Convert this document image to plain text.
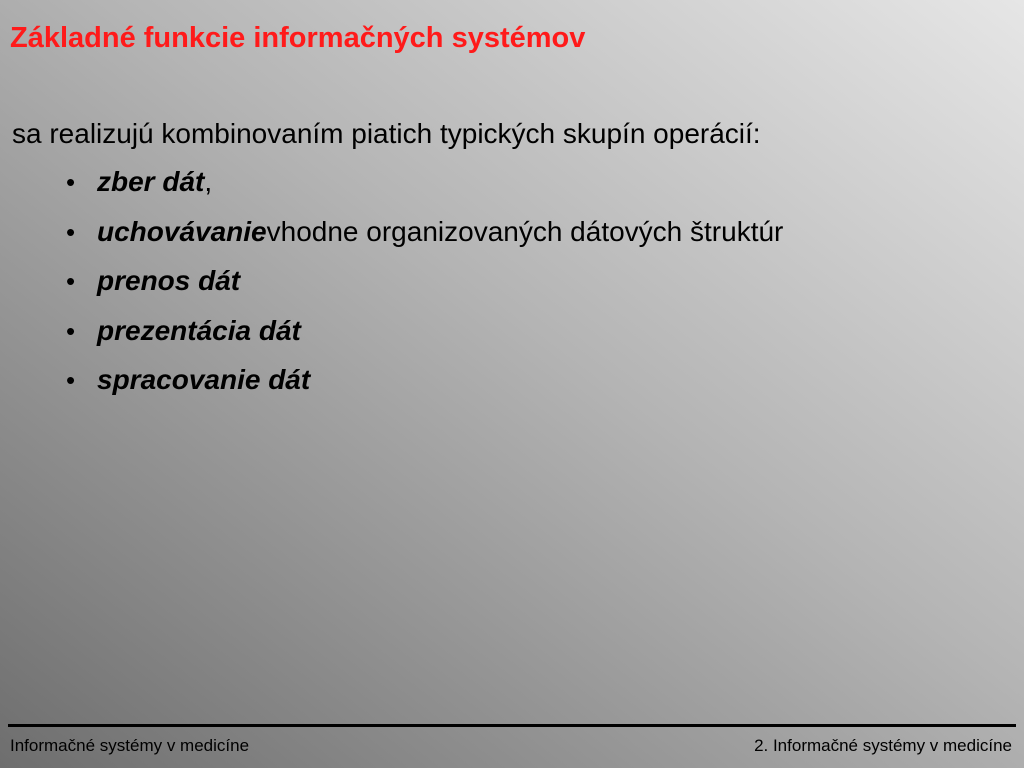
Základné funkcie informačných systémov
sa realizujú kombinovaním piatich typických skupín operácií:
• zber dát ,
• uchovávanie vhodne organizovaných dátových štruktúr
• prenos dát
• prezentácia dát
• spracovanie dát
Informačné systémy v medicíne	2. Informačné systémy v medicíne
